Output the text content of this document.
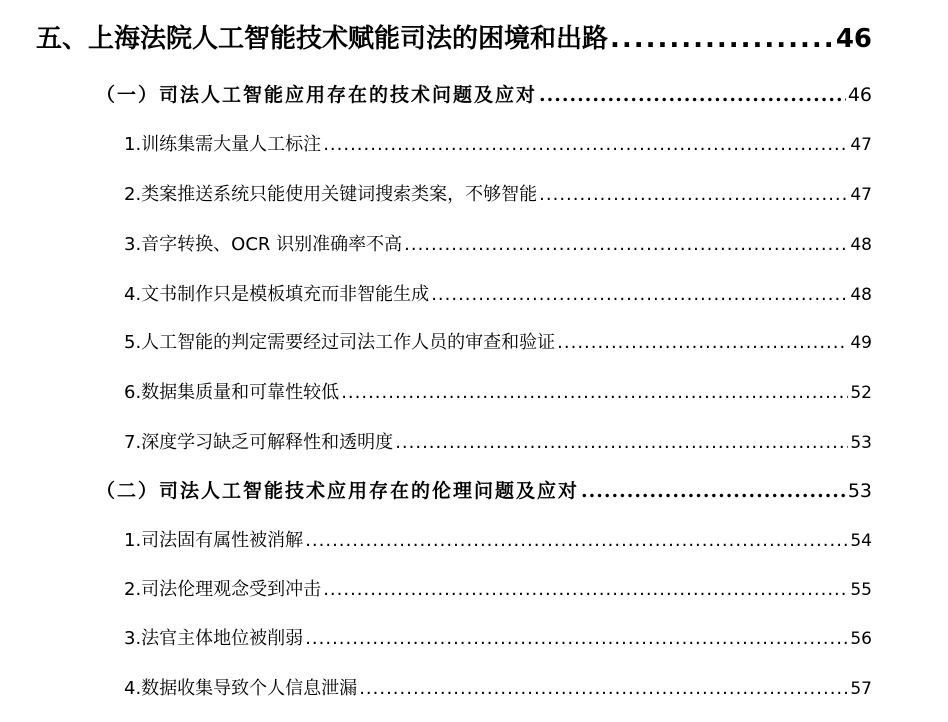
五、上海法院人工智能技术赋能司法的困境和出路 .....	46
（一）司法人工智能应用存在的技术问题及应对 .....	46
1.训练集需大量人工标注 .....	47
2.类案推送系统只能使用关键词搜索类案，不够智能 .....	47
3.音字转换、OCR 识别准确率不高 .....	48
4.文书制作只是模板填充而非智能生成 .....	48
5.人工智能的判定需要经过司法工作人员的审查和验证 .....	49
6.数据集质量和可靠性较低 .....	52
7.深度学习缺乏可解释性和透明度 .....	53
（二）司法人工智能技术应用存在的伦理问题及应对 .....	53
1.司法固有属性被消解 .....	54
2.司法伦理观念受到冲击 .....	55
3.法官主体地位被削弱 .....	56
4.数据收集导致个人信息泄漏 .....	57
